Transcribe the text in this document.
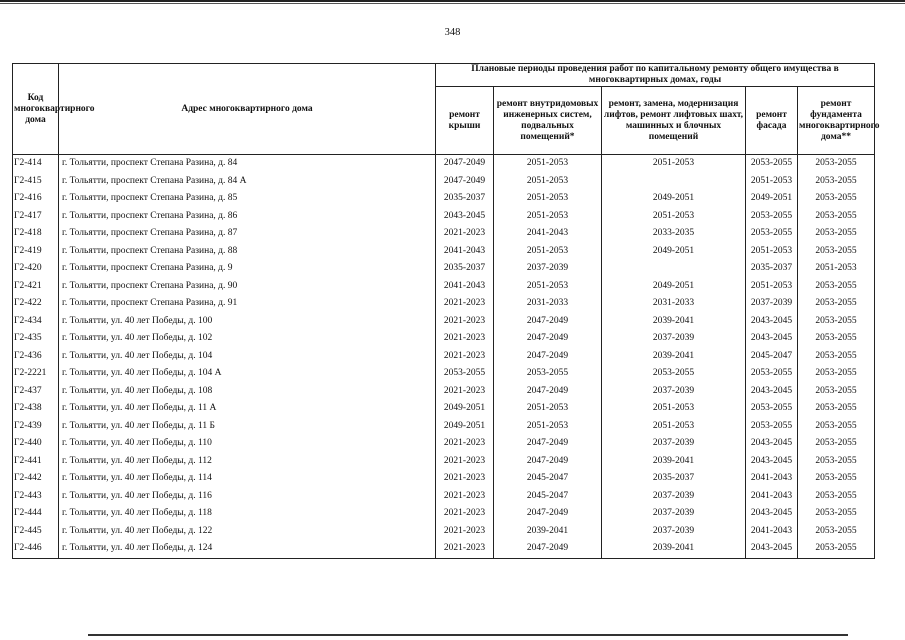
348
Код многоквартирного дома	Адрес многоквартирного дома	Плановые периоды проведения работ по капитальному ремонту общего имущества в многоквартирных домах, годы				
		ремонт крыши	ремонт внутридомовых инженерных систем, подвальных помещений*	ремонт, замена, модернизация лифтов, ремонт лифтовых шахт, машинных и блочных помещений	ремонт фасада	ремонт фундамента многоквартирного дома**
Г2-414	г. Тольятти, проспект Степана Разина, д. 84	2047-2049	2051-2053	2051-2053	2053-2055	2053-2055
Г2-415	г. Тольятти, проспект Степана Разина, д. 84 А	2047-2049	2051-2053		2051-2053	2053-2055
Г2-416	г. Тольятти, проспект Степана Разина, д. 85	2035-2037	2051-2053	2049-2051	2049-2051	2053-2055
Г2-417	г. Тольятти, проспект Степана Разина, д. 86	2043-2045	2051-2053	2051-2053	2053-2055	2053-2055
Г2-418	г. Тольятти, проспект Степана Разина, д. 87	2021-2023	2041-2043	2033-2035	2053-2055	2053-2055
Г2-419	г. Тольятти, проспект Степана Разина, д. 88	2041-2043	2051-2053	2049-2051	2051-2053	2053-2055
Г2-420	г. Тольятти, проспект Степана Разина, д. 9	2035-2037	2037-2039		2035-2037	2051-2053
Г2-421	г. Тольятти, проспект Степана Разина, д. 90	2041-2043	2051-2053	2049-2051	2051-2053	2053-2055
Г2-422	г. Тольятти, проспект Степана Разина, д. 91	2021-2023	2031-2033	2031-2033	2037-2039	2053-2055
Г2-434	г. Тольятти, ул. 40 лет Победы, д. 100	2021-2023	2047-2049	2039-2041	2043-2045	2053-2055
Г2-435	г. Тольятти, ул. 40 лет Победы, д. 102	2021-2023	2047-2049	2037-2039	2043-2045	2053-2055
Г2-436	г. Тольятти, ул. 40 лет Победы, д. 104	2021-2023	2047-2049	2039-2041	2045-2047	2053-2055
Г2-2221	г. Тольятти, ул. 40 лет Победы, д. 104 А	2053-2055	2053-2055	2053-2055	2053-2055	2053-2055
Г2-437	г. Тольятти, ул. 40 лет Победы, д. 108	2021-2023	2047-2049	2037-2039	2043-2045	2053-2055
Г2-438	г. Тольятти, ул. 40 лет Победы, д. 11 А	2049-2051	2051-2053	2051-2053	2053-2055	2053-2055
Г2-439	г. Тольятти, ул. 40 лет Победы, д. 11 Б	2049-2051	2051-2053	2051-2053	2053-2055	2053-2055
Г2-440	г. Тольятти, ул. 40 лет Победы, д. 110	2021-2023	2047-2049	2037-2039	2043-2045	2053-2055
Г2-441	г. Тольятти, ул. 40 лет Победы, д. 112	2021-2023	2047-2049	2039-2041	2043-2045	2053-2055
Г2-442	г. Тольятти, ул. 40 лет Победы, д. 114	2021-2023	2045-2047	2035-2037	2041-2043	2053-2055
Г2-443	г. Тольятти, ул. 40 лет Победы, д. 116	2021-2023	2045-2047	2037-2039	2041-2043	2053-2055
Г2-444	г. Тольятти, ул. 40 лет Победы, д. 118	2021-2023	2047-2049	2037-2039	2043-2045	2053-2055
Г2-445	г. Тольятти, ул. 40 лет Победы, д. 122	2021-2023	2039-2041	2037-2039	2041-2043	2053-2055
Г2-446	г. Тольятти, ул. 40 лет Победы, д. 124	2021-2023	2047-2049	2039-2041	2043-2045	2053-2055
